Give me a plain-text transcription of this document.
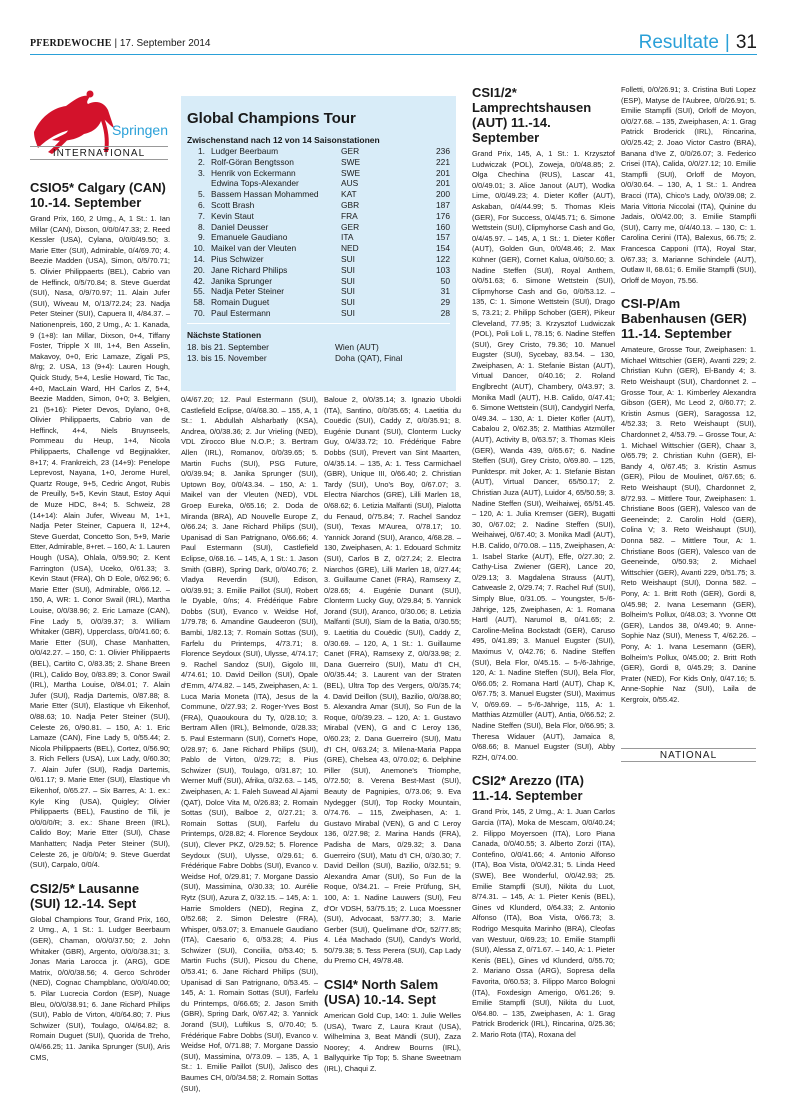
PFERDEWOCHE | 17. September 2014	Resultate | 31
Springen
INTERNATIONAL
CSIO5* Calgary (CAN) 10.-14. September

Grand Prix, 160, 2 Umg., A, 1 St.: 1. Ian Millar (CAN), Dixson, 0/0/0/47.33; 2. Reed Kessler (USA), Cylana, 0/0/0/49.50; 3. Marie Etter (SUI), Admirable, 0/4/69.70; 4. Beezie Madden (USA), Simon, 0/5/70.71; 5. Olivier Philippaerts (BEL), Cabrio van de Heffinck, 0/5/70.84; 8. Steve Guerdat (SUI), Nasa, 0/9/70.97; 11. Alain Jufer (SUI), Wiveau M, 0/13/72.24; 23. Nadja Peter Steiner (SUI), Capuera II, 4/84.37. – Nationenpreis, 160, 2 Umg., A: 1. Kanada, 9 (1+8): Ian Millar, Dixson, 0+4, Tiffany Foster, Tripple X III, 1+4, Ben Asselin, Makavoy, 0+0, Eric Lamaze, Zigali PS, 8/rg; 2. USA, 13 (9+4): Lauren Hough, Quick Study, 5+4, Leslie Howard, Tic Tac, 4+0, MacLain Ward, HH Carlos Z, 5+4, Beezie Madden, Simon, 0+0; 3. Belgien, 21 (5+16): Pieter Devos, Dylano, 0+8, Olivier Philippaerts, Cabrio van de Heffinck, 4+4, Niels Bruynseels, Pommeau du Heup, 1+4, Nicola Philippaerts, Challenge vd Begijnakker, 8+17; 4. Frankreich, 23 (14+9): Penelope Leprevost, Nayana, 1+0, Jerome Hurel, Quartz Rouge, 9+5, Cedric Angot, Rubis de Preuilly, 5+5, Kevin Staut, Estoy Aqui de Muze HDC, 8+4; 5. Schweiz, 28 (14+14): Alain Jufer, Wiveau M, 1+1, Nadja Peter Steiner, Capuera II, 12+4, Steve Guerdat, Concetto Son, 5+9, Marie Etter, Admirable, 8+ret. – 160, A: 1. Lauren Hough (USA), Ohlala, 0/59.90; 2. Kent Farrington (USA), Uceko, 0/61.33; 3. Kevin Staut (FRA), Oh D Eole, 0/62.96; 6. Marie Etter (SUI), Admirable, 0/66.12. – 150, A, WR: 1. Conor Swail (IRL), Martha Louise, 0/0/38.96; 2. Eric Lamaze (CAN), Fine Lady 5, 0/0/39.37; 3. William Whitaker (GBR), Upperclass, 0/0/41.60; 6. Marie Etter (SUI), Chase Manhatten, 0/0/42.27. – 150, C: 1. Olivier Philippaerts (BEL), Cartito C, 0/83.35; 2. Shane Breen (IRL), Calido Boy, 0/83.89; 3. Conor Swail (IRL), Martha Louise, 0/84.01; 7. Alain Jufer (SUI), Radja Dartemis, 0/87.88; 8. Marie Etter (SUI), Elastique vh Eikenhof, 0/88.63; 10. Nadja Peter Steiner (SUI), Celeste 26, 0/90.81. – 150, A: 1. Eric Lamaze (CAN), Fine Lady 5, 0/55.44; 2. Nicola Philippaerts (BEL), Cortez, 0/56.90; 3. Rich Fellers (USA), Lux Lady, 0/60.30; 7. Alain Jufer (SUI), Radja Dartemis, 0/61.17; 9. Marie Etter (SUI), Elastique vh Eikenhof, 0/65.27. – Six Barres, A: 1. ex.: Kyle King (USA), Quigley; Olivier Philippaerts (BEL), Faustino de Tili, je 0/0/0/0/R; 3. ex.: Shane Breen (IRL), Calido Boy; Marie Etter (SUI), Chase Manhatten; Nadja Peter Steiner (SUI), Celeste 26, je 0/0/0/4; 9. Steve Guerdat (SUI), Carpalo, 0/0/4.

CSI2/5* Lausanne (SUI) 12.-14. Sept

Global Champions Tour, Grand Prix, 160, 2 Umg., A, 1 St.: 1. Ludger Beerbaum (GER), Chaman, 0/0/0/37.50; 2. John Whitaker (GBR), Argento, 0/0/0/38.31; 3. Jonas Maria Larocca jr. (ARG), GDE Matrix, 0/0/0/38.56; 4. Gerco Schröder (NED), Cognac Champblanc, 0/0/0/40.00; 5. Pilar Lucrecia Cordon (ESP), Nuage Bleu, 0/0/0/38.91; 6. Jane Richard Philips (SUI), Pablo de Virton, 4/0/64.80; 7. Pius Schwizer (SUI), Toulago, 0/4/64.82; 8. Romain Duguet (SUI), Quorida de Treho, 0/4/66.25; 11. Janika Sprunger (SUI), Aris CMS,

Global Champions Tour
Zwischenstand nach 12 von 14 Saisonstationen
1. Ludger Beerbaum	GER	236
2. Rolf-Göran Bengtsson	SWE	221
3. Henrik von Eckermann	SWE	201
Edwina Tops-Alexander	AUS	201
5. Bassem Hassan Mohammed	KAT	200
6. Scott Brash	GBR	187
7. Kevin Staut	FRA	176
8. Daniel Deusser	GER	160
9. Emanuele Gaudiano	ITA	157
10. Maikel van der Vleuten	NED	154
14. Pius Schwizer	SUI	122
20. Jane Richard Philips	SUI	103
42. Janika Sprunger	SUI	50
55. Nadja Peter Steiner	SUI	31
58. Romain Duguet	SUI	29
70. Paul Estermann	SUI	28
Nächste Stationen
18. bis 21. September	Wien (AUT)
13. bis 15. November	Doha (QAT), Final

0/4/67.20; 12. Paul Estermann (SUI), Castlefield Eclipse, 0/4/68.30. – 155, A, 1 St.: 1. Abdullah Alsharbatly (KSA), Andrea, 0/0/38.36; 2. Jur Vrieling (NED), VDL Zirocco Blue N.O.P.; 3. Bertram Allen (IRL), Romanov, 0/0/39.65; 5. Martin Fuchs (SUI), PSG Future, 0/0/39.94; 8. Janika Sprunger (SUI), Uptown Boy, 0/0/43.34. – 150, A: 1. Maikel van der Vleuten (NED), VDL Groep Eureka, 0/65.16; 2. Doda de Miranda (BRA), AD Nouvelle Europe Z, 0/66.24; 3. Jane Richard Philips (SUI), Upanisad di San Patrignano, 0/66.66; 4. Paul Estermann (SUI), Castlefield Eclipse, 0/68.16. – 145, A, 1 St.: 1. Jason Smith (GBR), Spring Dark, 0/0/40.76; 2. Vladya Reverdin (SUI), Edison, 0/0/39.91; 3. Emilie Paillot (SUI), Robert le Dyable, 0/ns; 4. Frédérique Fabre Dobbs (SUI), Evanco v. Weidse Hof, 1/79.78; 6. Amandine Gaudeeron (SUI), Bambi, 1/82.13; 7. Romain Sottas (SUI), Farfelu du Printemps, 4/73.71; 8. Florence Seydoux (SUI), Ulysse, 4/74.17; 9. Rachel Sandoz (SUI), Gigolo III, 4/74.61; 10. David Deillon (SUI), Opale d'Emm, 4/74.82. – 145, Zweiphasen, A: 1. Luca Maria Moneta (ITA), Jesus de la Commune, 0/27.93; 2. Roger-Yves Bost (FRA), Quaoukoura du Ty, 0/28.10; 3. Bertram Allen (IRL), Belmonde, 0/28.33; 5. Paul Estermann (SUI), Cornet's Hope, 0/28.97; 6. Jane Richard Philips (SUI), Pablo de Virton, 0/29.72; 8. Pius Schwizer (SUI), Toulago, 0/31.87; 10. Werner Muff (SUI), Afrika, 0/32.63. – 145, Zweiphasen, A: 1. Faleh Suwead Al Ajami (QAT), Dolce Vita M, 0/26.83; 2. Romain Sottas (SUI), Balboe 2, 0/27.21; 3. Romain Sottas (SUI), Farfelu du Printemps, 0/28.82; 4. Florence Seydoux (SUI), Clever PKZ, 0/29.52; 5. Florence Seydoux (SUI), Ulysse, 0/29.61; 6. Frédérique Fabre Dobbs (SUI), Evanco v. Weidse Hof, 0/29.81; 7. Morgane Dassio (SUI), Massimina, 0/30.33; 10. Aurélie Rytz (SUI), Azura Z, 0/32.15. – 145, A: 1. Harrie Smolders (NED), Regina Z, 0/52.68; 2. Simon Delestre (FRA), Whisper, 0/53.07; 3. Emanuele Gaudiano (ITA), Caesario 6, 0/53.28; 4. Pius Schwizer (SUI), Concilia, 0/53.40; 5. Martin Fuchs (SUI), Picsou du Chene, 0/53.41; 6. Jane Richard Philips (SUI), Upanisad di San Patrignano, 0/53.45. – 145, A: 1. Romain Sottas (SUI), Farfelu du Printemps, 0/66.65; 2. Jason Smith (GBR), Spring Dark, 0/67.42; 3. Yannick Jorand (SUI), Luftikus S, 0/70.40; 5. Frédérique Fabre Dobbs (SUI), Evanco v. Weidse Hof, 0/71.88; 7. Morgane Dassio (SUI), Massimina, 0/73.09. – 135, A, 1 St.: 1. Emilie Paillot (SUI), Jalisco des Baumes CH, 0/0/34.58; 2. Romain Sottas (SUI),

Baloue 2, 0/0/35.14; 3. Ignazio Uboldi (ITA), Santino, 0/0/35.65; 4. Laetitia du Couëdic (SUI), Caddy Z, 0/0/35.91; 8. Eugénie Dunant (SUI), Clonterm Lucky Guy, 0/4/33.72; 10. Frédérique Fabre Dobbs (SUI), Prevert van Sint Maarten, 0/4/35.14. – 135, A: 1. Tess Carmichael (GBR), Unique III, 0/66.40; 2. Christian Tardy (SUI), Uno's Boy, 0/67.07; 3. Electra Niarchos (GRE), Lilli Marlen 18, 0/68.62; 6. Letizia Malfanti (SUI), Pialotta du Fenaud, 0/75.84; 7. Rachel Sandoz (SUI), Texas M'Aurea, 0/78.17; 10. Yannick Jorand (SUI), Aranco, 4/68.28. – 130, Zweiphasen, A: 1. Edouard Schmitz (SUI), Carlos B Z, 0/27.24; 2. Electra Niarchos (GRE), Lilli Marlen 18, 0/27.44; 3. Guillaume Canet (FRA), Ramsexy Z, 0/28.65; 4. Eugénie Dunant (SUI), Clonterm Lucky Guy, 0/29.84; 5. Yannick Jorand (SUI), Aranco, 0/30.06; 8. Letizia Malfanti (SUI), Siam de la Batia, 0/30.55; 9. Laetitia du Couëdic (SUI), Caddy Z, 0/30.69. – 120, A, 1 St.: 1. Guillaume Canet (FRA), Ramsexy Z, 0/0/33.98; 2. Dana Guerreiro (SUI), Matu d'I CH, 0/0/35.44; 3. Laurent van der Straten (BEL), Ultra Top des Vergers, 0/0/35.74; 4. David Deillon (SUI), Bazilio, 0/0/38.80; 5. Alexandra Amar (SUI), So Fun de la Roque, 0/0/39.23. – 120, A: 1. Gustavo Mirabal (VEN), G and C Leroy 136, 0/60.23; 2. Dana Guerreiro (SUI), Matu d'I CH, 0/63.24; 3. Milena-Maria Pappa (GRE), Chelsea 43, 0/70.02; 6. Delphine Piller (SUI), Anemone's Triomphe, 0/72.50; 8. Verena Best-Mast (SUI), Beauty de Pagnipies, 0/73.06; 9. Eva Nydegger (SUI), Top Rocky Mountain, 0/74.76. – 115, Zweiphasen, A: 1. Gustavo Mirabal (VEN), G and C Leroy 136, 0/27.98; 2. Marina Hands (FRA), Padisha de Mars, 0/29.32; 3. Dana Guerreiro (SUI), Matu d'I CH, 0/30.30; 7. David Deillon (SUI), Bazilio, 0/32.51; 9. Alexandra Amar (SUI), So Fun de la Roque, 0/34.21. – Freie Prüfung, SH, 100, A: 1. Nadine Lauwers (SUI), Feu d'Or VDSH, 53/75.15; 2. Luca Moessner (SUI), Advocaat, 53/77.30; 3. Marie Gerber (SUI), Quelimane d'Or, 52/77.85; 4. Léa Machado (SUI), Candy's World, 50/79.38; 5. Tess Perera (SUI), Cap Lady du Premo CH, 49/78.48.

CSI4* North Salem (USA) 10.-14. Sept

American Gold Cup, 140: 1. Julie Welles (USA), Twarc Z, Laura Kraut (USA), Wilhelmina 3, Beat Mändli (SUI), Zaza Noorey; 4. Andrew Bourns (IRL), Ballyquirke Tip Top; 5. Shane Sweetnam (IRL), Chaqui Z.

CSI1/2* Lamprechtshausen (AUT) 11.-14. September

Grand Prix, 145, A, 1 St.: 1. Krzysztof Ludwiczak (POL), Zoweja, 0/0/48.85; 2. Olga Chechina (RUS), Lascar 41, 0/0/49.01; 3. Alice Janout (AUT), Wodka Lime, 0/0/49.23; 4. Dieter Köfler (AUT), Askaban, 0/4/44.99; 5. Thomas Kleis (GER), For Success, 0/4/45.71; 6. Simone Wettstein (SUI), Clipmyhorse Cash and Go, 0/4/45.97. – 145, A, 1 St.: 1. Dieter Köfler (AUT), Golden Gun, 0/0/48.46; 2. Max Kühner (GER), Cornet Kalua, 0/0/50.60; 3. Nadine Steffen (SUI), Royal Anthem, 0/0/51.63; 6. Simone Wettstein (SUI), Clipmyhorse Cash and Go, 0/0/53.12. – 135, C: 1. Simone Wettstein (SUI), Drago S, 73.21; 2. Philipp Schober (GER), Pikeur Cleveland, 77.95; 3. Krzysztof Ludwiczak (POL), Poli Loli L, 78.15; 6. Nadine Steffen (SUI), Grey Cristo, 79.36; 10. Manuel Eugster (SUI), Sycebay, 83.54. – 130, Zweiphasen, A: 1. Stefanie Bistan (AUT), Virtual Dancer, 0/40.16; 2. Roland Englbrecht (AUT), Chambery, 0/43.97; 3. Monika Madl (AUT), H.B. Calido, 0/47.41; 6. Simone Wettstein (SUI), Candygirl Nerfa, 0/49.34. – 130, A: 1. Dieter Köfler (AUT), Cabalou 2, 0/62.35; 2. Matthias Atzmüller (AUT), Activity B, 0/63.57; 3. Thomas Kleis (GER), Wanda 439, 0/65.67; 6. Nadine Steffen (SUI), Grey Cristo, 0/69.80. – 125, Punktespr. mit Joker, A: 1. Stefanie Bistan (AUT), Virtual Dancer, 65/50.17; 2. Christian Juza (AUT), Luidor 4, 65/50.59; 3. Nadine Steffen (SUI), Weihaiwej, 65/51.45. – 120, A: 1. Julia Kremser (GER), Bugatti 30, 0/67.02; 2. Nadine Steffen (SUI), Weihaiwej, 0/67.40; 3. Monika Madl (AUT), H.B. Calido, 0/70.08. – 115, Zweiphasen, A: 1. Isabel Starke (AUT), Effe, 0/27.30; 2. Cathy-Lisa Zwiener (GER), Lance 20, 0/29.13; 3. Magdalena Strauss (AUT), Catweasle 2, 0/29.74; 7. Rachel Ruf (SUI), Simply Blue, 0/31.05. – Youngster, 5-/6-Jährige, 125, Zweiphasen, A: 1. Romana Hartl (AUT), Narumol B, 0/41.65; 2. Caroline-Melina Bockstadt (GER), Caruso 495, 0/41.89; 3. Manuel Eugster (SUI), Maximus V, 0/42.76; 6. Nadine Steffen (SUI), Bela Flor, 0/45.15. – 5-/6-Jährige, 120, A: 1. Nadine Steffen (SUI), Bela Flor, 0/66.05; 2. Romana Hartl (AUT), Chap K, 0/67.75; 3. Manuel Eugster (SUI), Maximus V, 0/69.69. – 5-/6-Jährige, 115, A: 1. Matthias Atzmüller (AUT), Antia, 0/66.52; 2. Nadine Steffen (SUI), Bela Flor, 0/66.95; 3. Theresa Widauer (AUT), Jamaica 8, 0/68.66; 8. Manuel Eugster (SUI), Abby RZH, 0/74.00.

CSI2* Arezzo (ITA) 11.-14. September

Grand Prix, 145, 2 Umg., A: 1. Juan Carlos Garcia (ITA), Moka de Mescam, 0/0/40.24; 2. Filippo Moyersoen (ITA), Loro Piana Canada, 0/0/40.55; 3. Alberto Zorzi (ITA), Contefino, 0/0/41.66; 4. Antonio Alfonso (ITA), Boa Vista, 0/0/42.31; 5. Linda Heed (SWE), Bee Wonderful, 0/0/42.93; 25. Emilie Stampfli (SUI), Nikita du Luot, 8/74.31. – 145, A: 1. Pieter Kenis (BEL), Gines vd Klunderd, 0/64.33; 2. Antonio Alfonso (ITA), Boa Vista, 0/66.73; 3. Rodrigo Mesquita Marinho (BRA), Cleofas van Westuur, 0/69.23; 10. Emilie Stampfli (SUI), Alessa Z, 0/71.67. – 140, A: 1. Pieter Kenis (BEL), Gines vd Klunderd, 0/55.70; 2. Mariano Ossa (ARG), Sopresa della Favorita, 0/60.53; 3. Filippo Marco Bologni (ITA), Foxdesign Amerigo, 0/61.26; 9. Emilie Stampfli (SUI), Nikita du Luot, 0/64.80. – 135, Zweiphasen, A: 1. Grag Patrick Broderick (IRL), Rincarina, 0/25.36; 2. Mario Rota (ITA), Roxana del

Folletti, 0/0/26.91; 3. Cristina Buti Lopez (ESP), Matyse de l'Aubree, 0/0/26.91; 5. Emilie Stampfli (SUI), Orloff de Moyon, 0/0/27.68. – 135, Zweiphasen, A: 1. Grag Patrick Broderick (IRL), Rincarina, 0/0/25.42; 2. Joao Victor Castro (BRA), Banana d'Ive Z, 0/0/26.07; 3. Federico Crisei (ITA), Calida, 0/0/27.12; 10. Emilie Stampfli (SUI), Orloff de Moyon, 0/0/30.64. – 130, A, 1 St.: 1. Andrea Bracci (ITA), Chico's Lady, 0/0/39.08; 2. Maria Vittoria Niccolai (ITA), Quinine du Jadais, 0/0/42.00; 3. Emilie Stampfli (SUI), Carry me, 0/4/40.13. – 130, C: 1. Carolina Cerini (ITA), Balexus, 66.75; 2. Francesca Capponi (ITA), Royal Star, 0/67.33; 3. Marianne Schindele (AUT), Outlaw II, 68.61; 6. Emilie Stampfli (SUI), Orloff de Moyon, 75.56.

CSI-P/Am Babenhausen (GER) 11.-14. September

Amateure, Grosse Tour, Zweiphasen: 1. Michael Wittschier (GER), Avanti 229; 2. Christian Kuhn (GER), El-Bandy 4; 3. Reto Weishaupt (SUI), Chardonnet 2. – Grosse Tour, A: 1. Kimberley Alexandra Gibson (GER), Mc Leod 2, 0/60.77; 2. Kristin Asmus (GER), Saragossa 12, 4/52.33; 3. Reto Weishaupt (SUI), Chardonnet 2, 4/53.79. – Grosse Tour, A: 1. Michael Wittschier (GER), Chaar 3, 0/65.79; 2. Christian Kuhn (GER), El-Bandy 4, 0/67.45; 3. Kristin Asmus (GER), Pilou de Moulinet, 0/67.65; 6. Reto Weishaupt (SUI), Chardonnet 2, 8/72.93. – Mittlere Tour, Zweiphasen: 1. Christiane Boos (GER), Valesco van de Geeneinde; 2. Carolin Hold (GER), Colina V; 3. Reto Weishaupt (SUI), Donna 582. – Mittlere Tour, A: 1. Christiane Boos (GER), Valesco van de Geeneinde, 0/50.93; 2. Michael Wittschier (GER), Avanti 229, 0/51.75; 3. Reto Weishaupt (SUI), Donna 582. – Pony, A: 1. Britt Roth (GER), Gordi 8, 0/45.98; 2. Ivana Lesemann (GER), Bolheim's Pollux, 0/48.03; 3. Yvonne Ott (GER), Landos 38, 0/49.40; 9. Anne-Sophie Naz (SUI), Meness T, 4/62.26. – Pony, A: 1. Ivana Lesemann (GER), Bolheim's Pollux, 0/45.00; 2. Britt Roth (GER), Gordi 8, 0/45.29; 3. Danine Prater (NED), For Kids Only, 0/47.16; 5. Anne-Sophie Naz (SUI), Laila de Kergroix, 0/55.42.

NATIONAL
